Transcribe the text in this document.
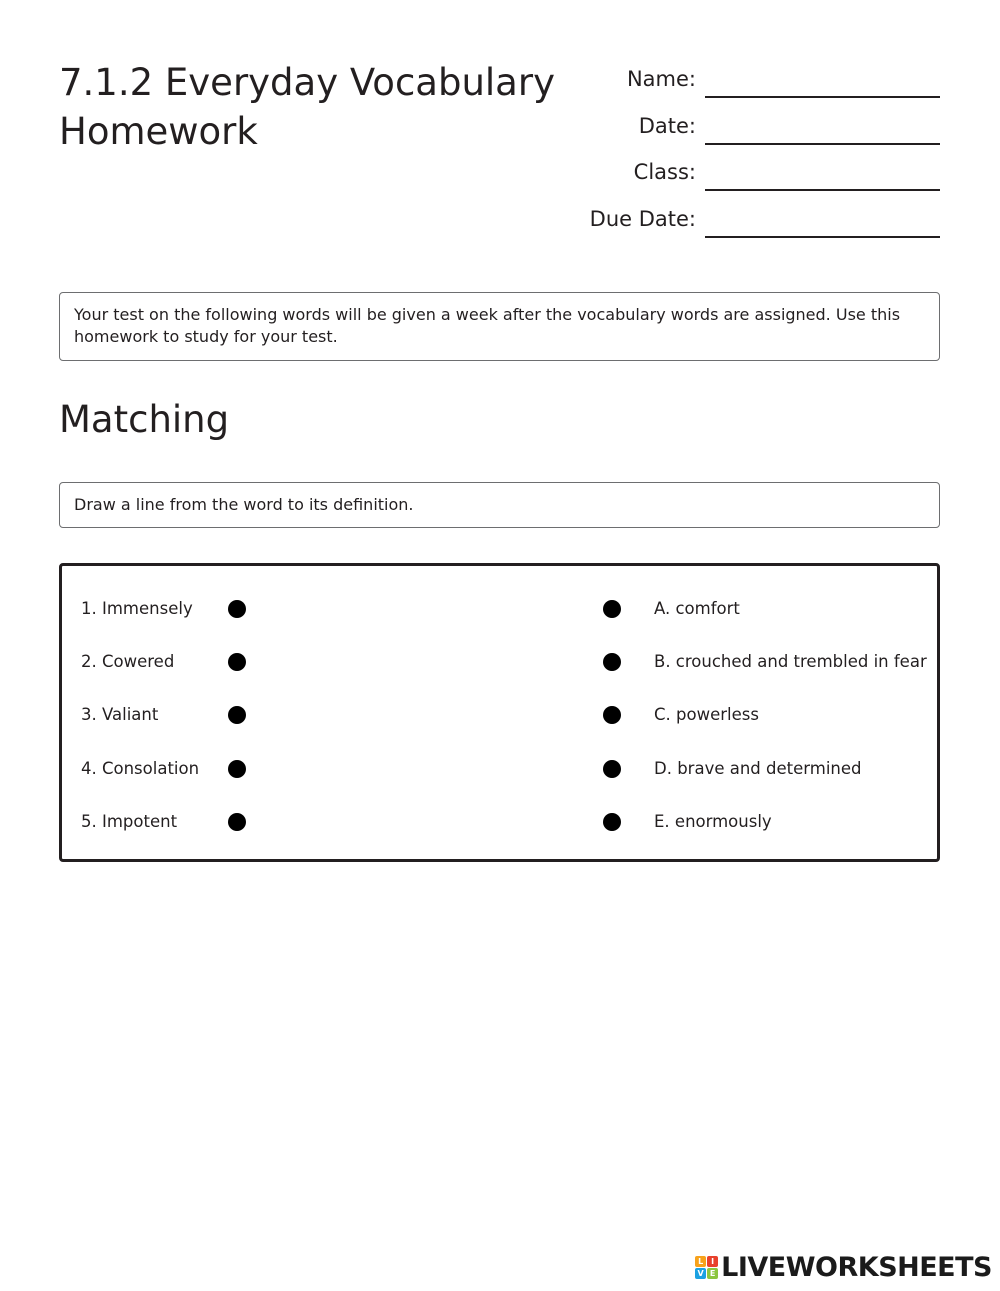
7.1.2 Everyday Vocabulary Homework
Name:
Date:
Class:
Due Date:
Your test on the following words will be given a week after the vocabulary words are assigned. Use this homework to study for your test.
Matching
Draw a line from the word to its definition.
1. Immensely	A. comfort
2. Cowered	B. crouched and trembled in fear
3. Valiant	C. powerless
4. Consolation	D. brave and determined
5. Impotent	E. enormously
L I
V E LIVEWORKSHEETS
